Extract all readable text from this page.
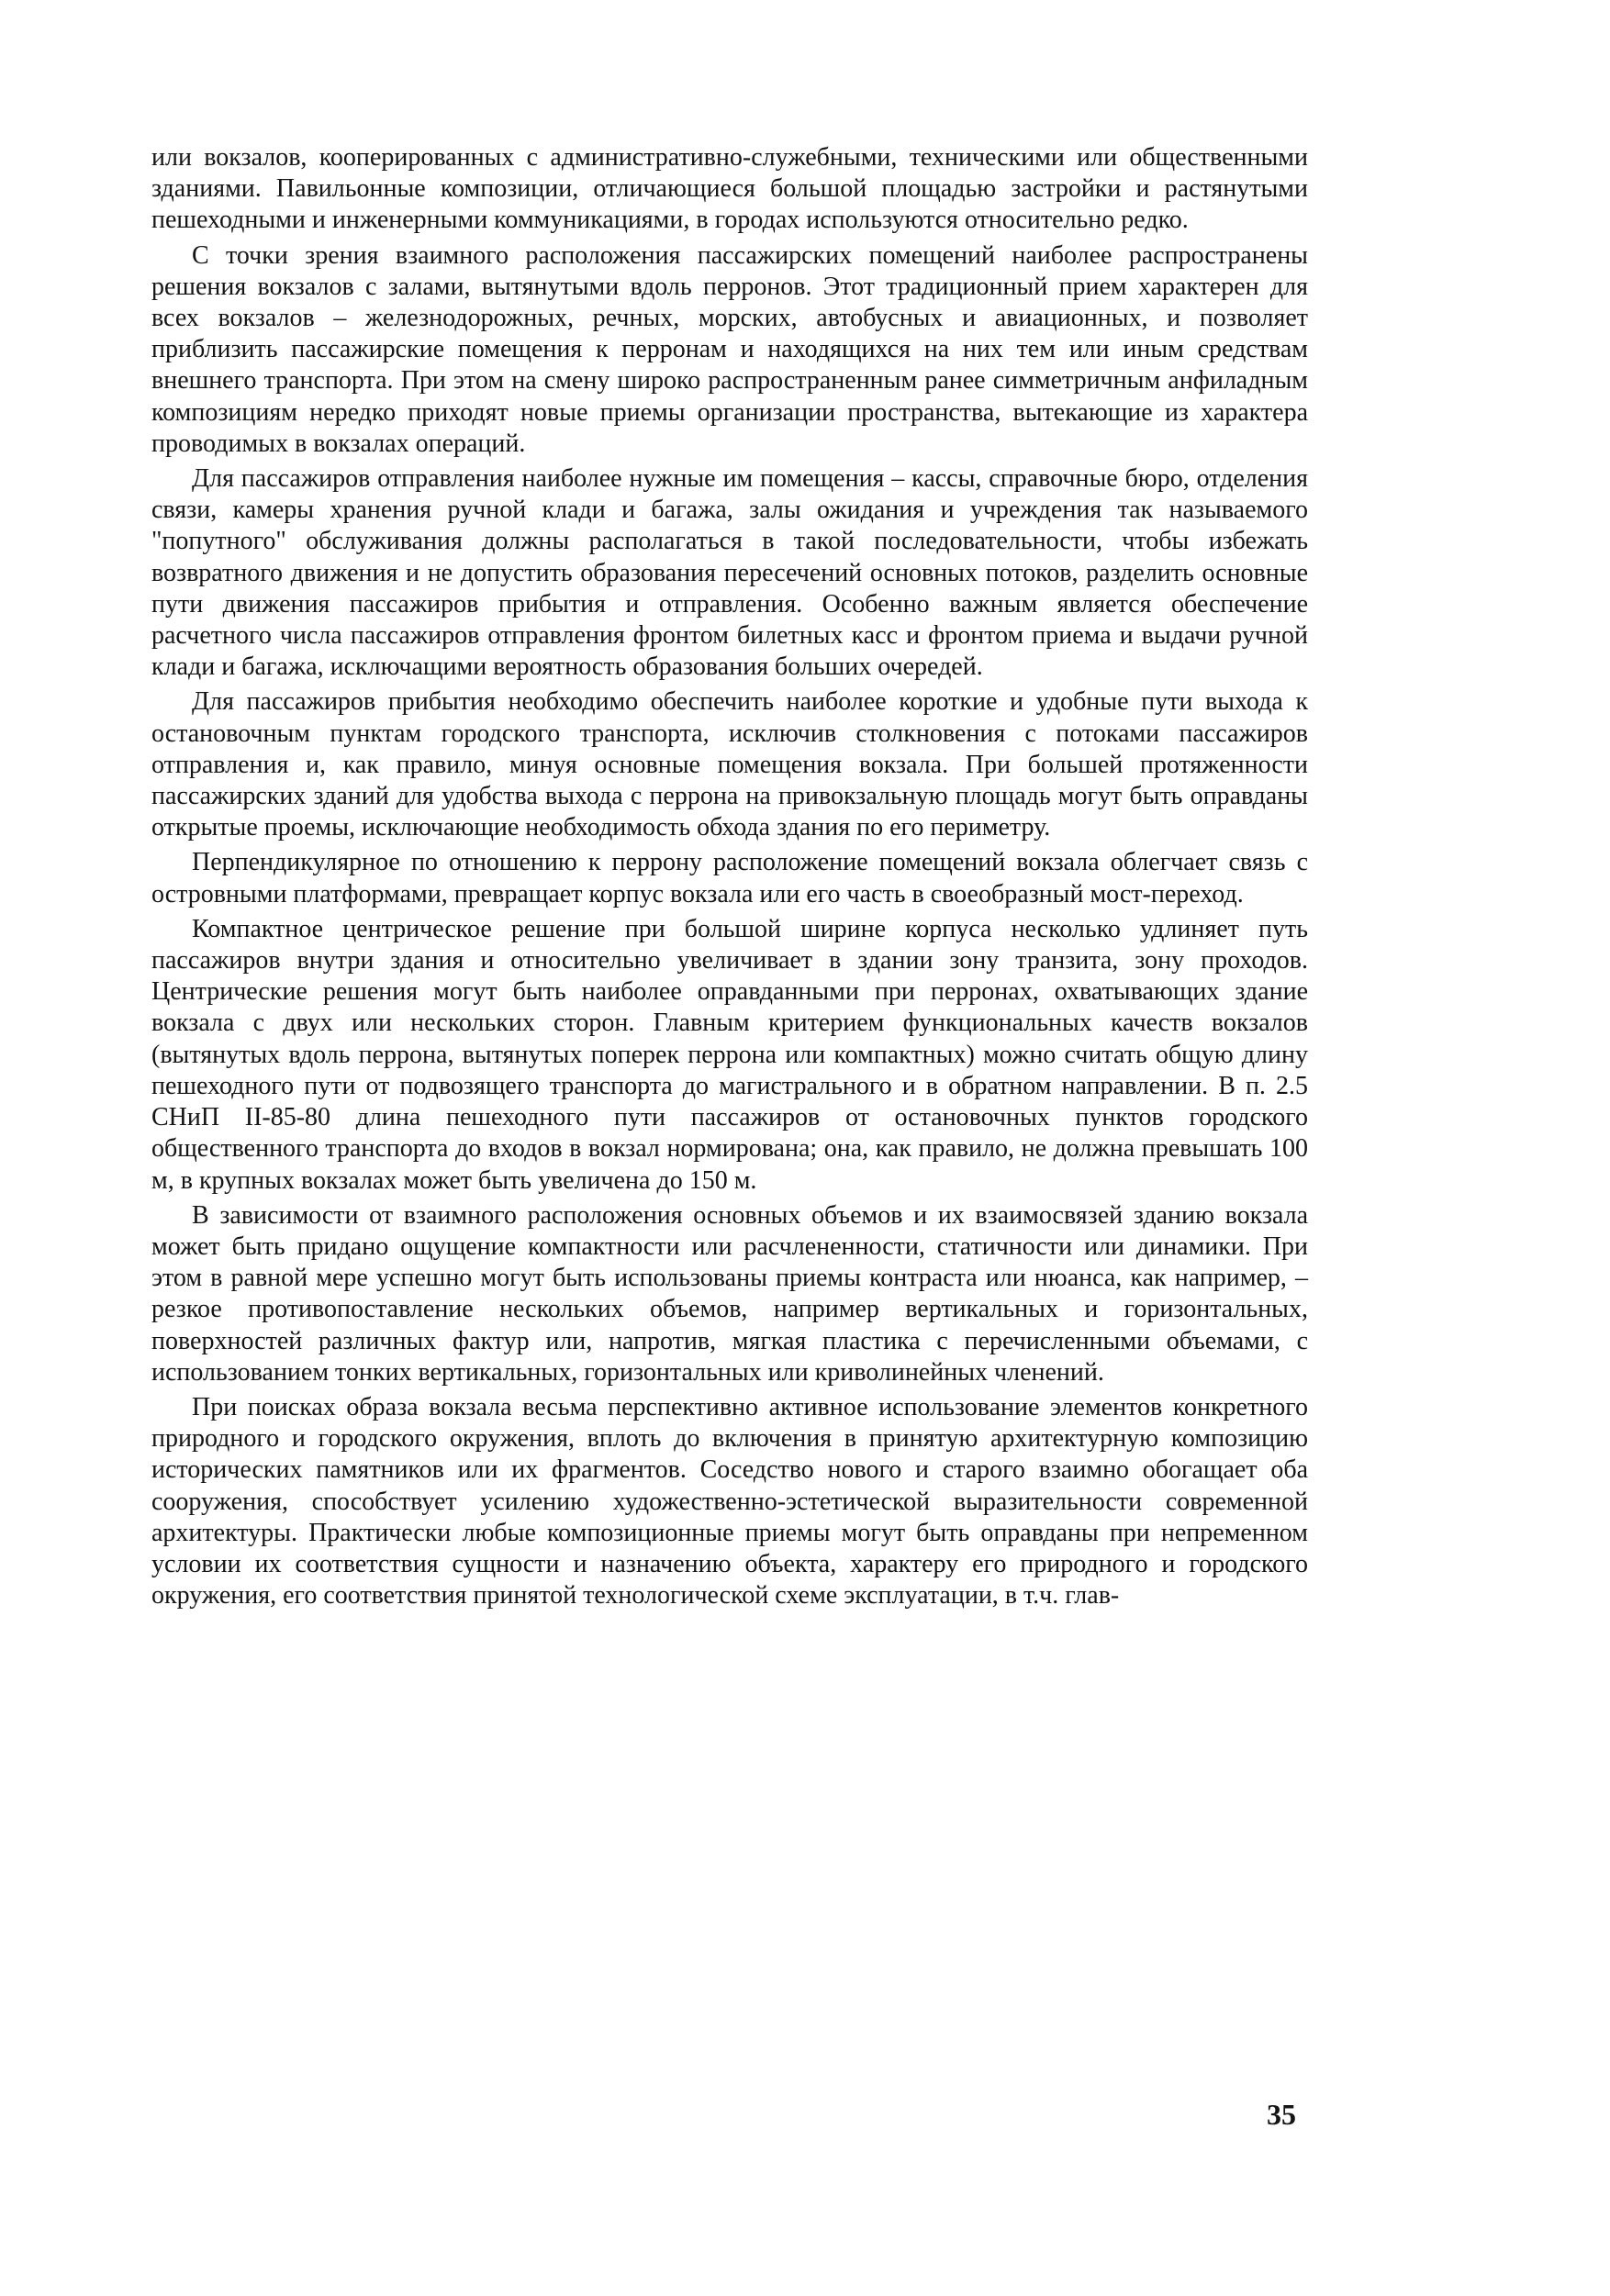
или вокзалов, кооперированных с административно-служебными, техническими или общественными зданиями. Павильонные композиции, отличающиеся большой площадью застройки и растянутыми пешеходными и инженерными коммуникациями, в городах используются относительно редко.

С точки зрения взаимного расположения пассажирских помещений наиболее распространены решения вокзалов с залами, вытянутыми вдоль перронов. Этот традиционный прием характерен для всех вокзалов – железнодорожных, речных, морских, автобусных и авиационных, и позволяет приблизить пассажирские помещения к перронам и находящихся на них тем или иным средствам внешнего транспорта. При этом на смену широко распространенным ранее симметричным анфиладным композициям нередко приходят новые приемы организации пространства, вытекающие из характера проводимых в вокзалах операций.

Для пассажиров отправления наиболее нужные им помещения – кассы, справочные бюро, отделения связи, камеры хранения ручной клади и багажа, залы ожидания и учреждения так называемого "попутного" обслуживания должны располагаться в такой последовательности, чтобы избежать возвратного движения и не допустить образования пересечений основных потоков, разделить основные пути движения пассажиров прибытия и отправления. Особенно важным является обеспечение расчетного числа пассажиров отправления фронтом билетных касс и фронтом приема и выдачи ручной клади и багажа, исключащими вероятность образования больших очередей.

Для пассажиров прибытия необходимо обеспечить наиболее короткие и удобные пути выхода к остановочным пунктам городского транспорта, исключив столкновения с потоками пассажиров отправления и, как правило, минуя основные помещения вокзала. При большей протяженности пассажирских зданий для удобства выхода с перрона на привокзальную площадь могут быть оправданы открытые проемы, исключающие необходимость обхода здания по его периметру.

Перпендикулярное по отношению к перрону расположение помещений вокзала облегчает связь с островными платформами, превращает корпус вокзала или его часть в своеобразный мост-переход.

Компактное центрическое решение при большой ширине корпуса несколько удлиняет путь пассажиров внутри здания и относительно увеличивает в здании зону транзита, зону проходов. Центрические решения могут быть наиболее оправданными при перронах, охватывающих здание вокзала с двух или нескольких сторон. Главным критерием функциональных качеств вокзалов (вытянутых вдоль перрона, вытянутых поперек перрона или компактных) можно считать общую длину пешеходного пути от подвозящего транспорта до магистрального и в обратном направлении. В п. 2.5 СНиП II-85-80 длина пешеходного пути пассажиров от остановочных пунктов городского общественного транспорта до входов в вокзал нормирована; она, как правило, не должна превышать 100 м, в крупных вокзалах может быть увеличена до 150 м.

В зависимости от взаимного расположения основных объемов и их взаимосвязей зданию вокзала может быть придано ощущение компактности или расчлененности, статичности или динамики. При этом в равной мере успешно могут быть использованы приемы контраста или нюанса, как например, – резкое противопоставление нескольких объемов, например вертикальных и горизонтальных, поверхностей различных фактур или, напротив, мягкая пластика с перечисленными объемами, с использованием тонких вертикальных, горизонтальных или криволинейных членений.

При поисках образа вокзала весьма перспективно активное использование элементов конкретного природного и городского окружения, вплоть до включения в принятую архитектурную композицию исторических памятников или их фрагментов. Соседство нового и старого взаимно обогащает оба сооружения, способствует усилению художественно-эстетической выразительности современной архитектуры. Практически любые композиционные приемы могут быть оправданы при непременном условии их соответствия сущности и назначению объекта, характеру его природного и городского окружения, его соответствия принятой технологической схеме эксплуатации, в т.ч. глав-

35
